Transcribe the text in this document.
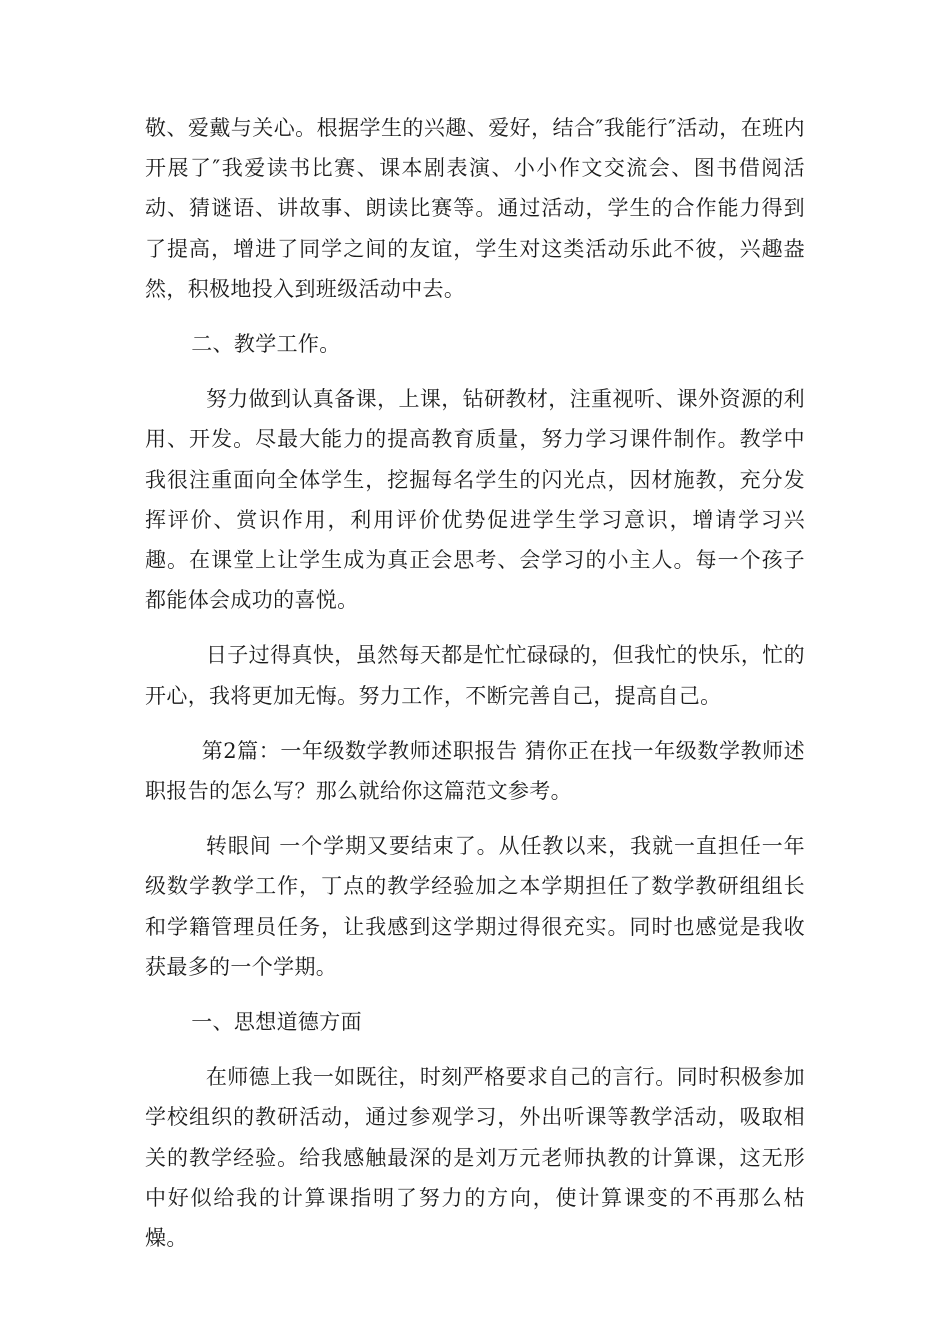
敬、爱戴与关心。根据学生的兴趣、爱好，结合″我能行″活动，在班内开展了″我爱读书比赛、课本剧表演、小小作文交流会、图书借阅活动、猜谜语、讲故事、朗读比赛等。通过活动，学生的合作能力得到了提高，增进了同学之间的友谊，学生对这类活动乐此不彼，兴趣盎然，积极地投入到班级活动中去。

二、教学工作。

努力做到认真备课，上课，钻研教材，注重视听、课外资源的利用、开发。尽最大能力的提高教育质量，努力学习课件制作。教学中我很注重面向全体学生，挖掘每名学生的闪光点，因材施教，充分发挥评价、赏识作用，利用评价优势促进学生学习意识，增请学习兴趣。在课堂上让学生成为真正会思考、会学习的小主人。每一个孩子都能体会成功的喜悦。

日子过得真快，虽然每天都是忙忙碌碌的，但我忙的快乐，忙的开心，我将更加无悔。努力工作，不断完善自己，提高自己。

第2篇：一年级数学教师述职报告 猜你正在找一年级数学教师述职报告的怎么写？那么就给你这篇范文参考。

转眼间 一个学期又要结束了。从任教以来，我就一直担任一年级数学教学工作，丁点的教学经验加之本学期担任了数学教研组组长和学籍管理员任务，让我感到这学期过得很充实。同时也感觉是我收获最多的一个学期。

一、思想道德方面

在师德上我一如既往，时刻严格要求自己的言行。同时积极参加学校组织的教研活动，通过参观学习，外出听课等教学活动，吸取相关的教学经验。给我感触最深的是刘万元老师执教的计算课，这无形中好似给我的计算课指明了努力的方向，使计算课变的不再那么枯燥。
